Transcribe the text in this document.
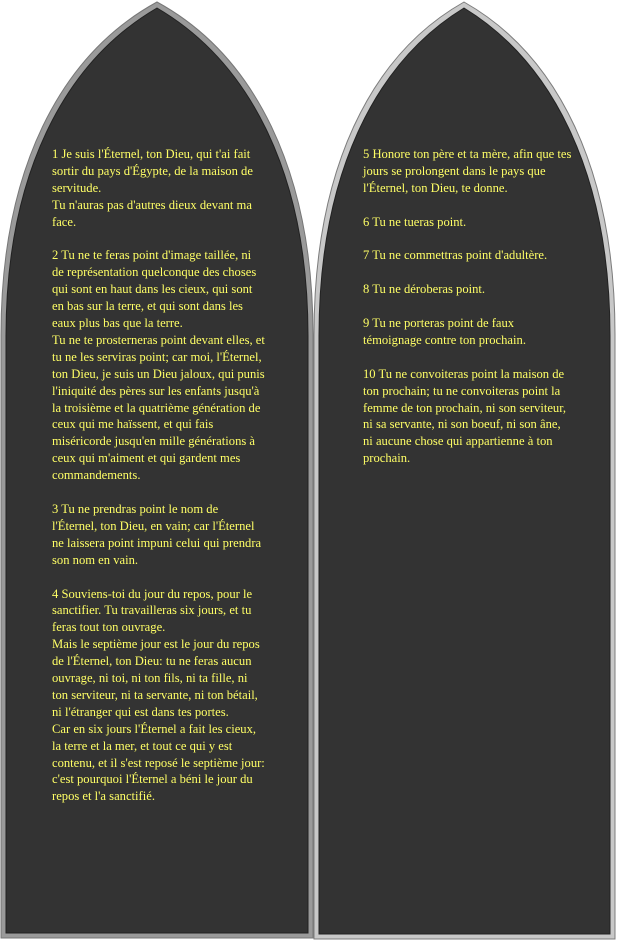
1 Je suis l'Éternel, ton Dieu, qui t'ai fait sortir du pays d'Égypte, de la maison de servitude.
Tu n'auras pas d'autres dieux devant ma face.

2 Tu ne te feras point d'image taillée, ni de représentation quelconque des choses qui sont en haut dans les cieux, qui sont en bas sur la terre, et qui sont dans les eaux plus bas que la terre.
Tu ne te prosterneras point devant elles, et tu ne les serviras point; car moi, l'Éternel, ton Dieu, je suis un Dieu jaloux, qui punis l'iniquité des pères sur les enfants jusqu'à la troisième et la quatrième génération de ceux qui me haïssent, et qui fais miséricorde jusqu'en mille générations à ceux qui m'aiment et qui gardent mes commandements.

3 Tu ne prendras point le nom de l'Éternel, ton Dieu, en vain; car l'Éternel ne laissera point impuni celui qui prendra son nom en vain.

4 Souviens-toi du jour du repos, pour le sanctifier. Tu travailleras six jours, et tu feras tout ton ouvrage.
Mais le septième jour est le jour du repos de l'Éternel, ton Dieu: tu ne feras aucun ouvrage, ni toi, ni ton fils, ni ta fille, ni ton serviteur, ni ta servante, ni ton bétail, ni l'étranger qui est dans tes portes.
Car en six jours l'Éternel a fait les cieux, la terre et la mer, et tout ce qui y est contenu, et il s'est reposé le septième jour: c'est pourquoi l'Éternel a béni le jour du repos et l'a sanctifié.

5 Honore ton père et ta mère, afin que tes jours se prolongent dans le pays que l'Éternel, ton Dieu, te donne.

6 Tu ne tueras point.

7 Tu ne commettras point d'adultère.

8 Tu ne déroberas point.

9 Tu ne porteras point de faux témoignage contre ton prochain.

10 Tu ne convoiteras point la maison de ton prochain; tu ne convoiteras point la femme de ton prochain, ni son serviteur, ni sa servante, ni son boeuf, ni son âne, ni aucune chose qui appartienne à ton prochain.
